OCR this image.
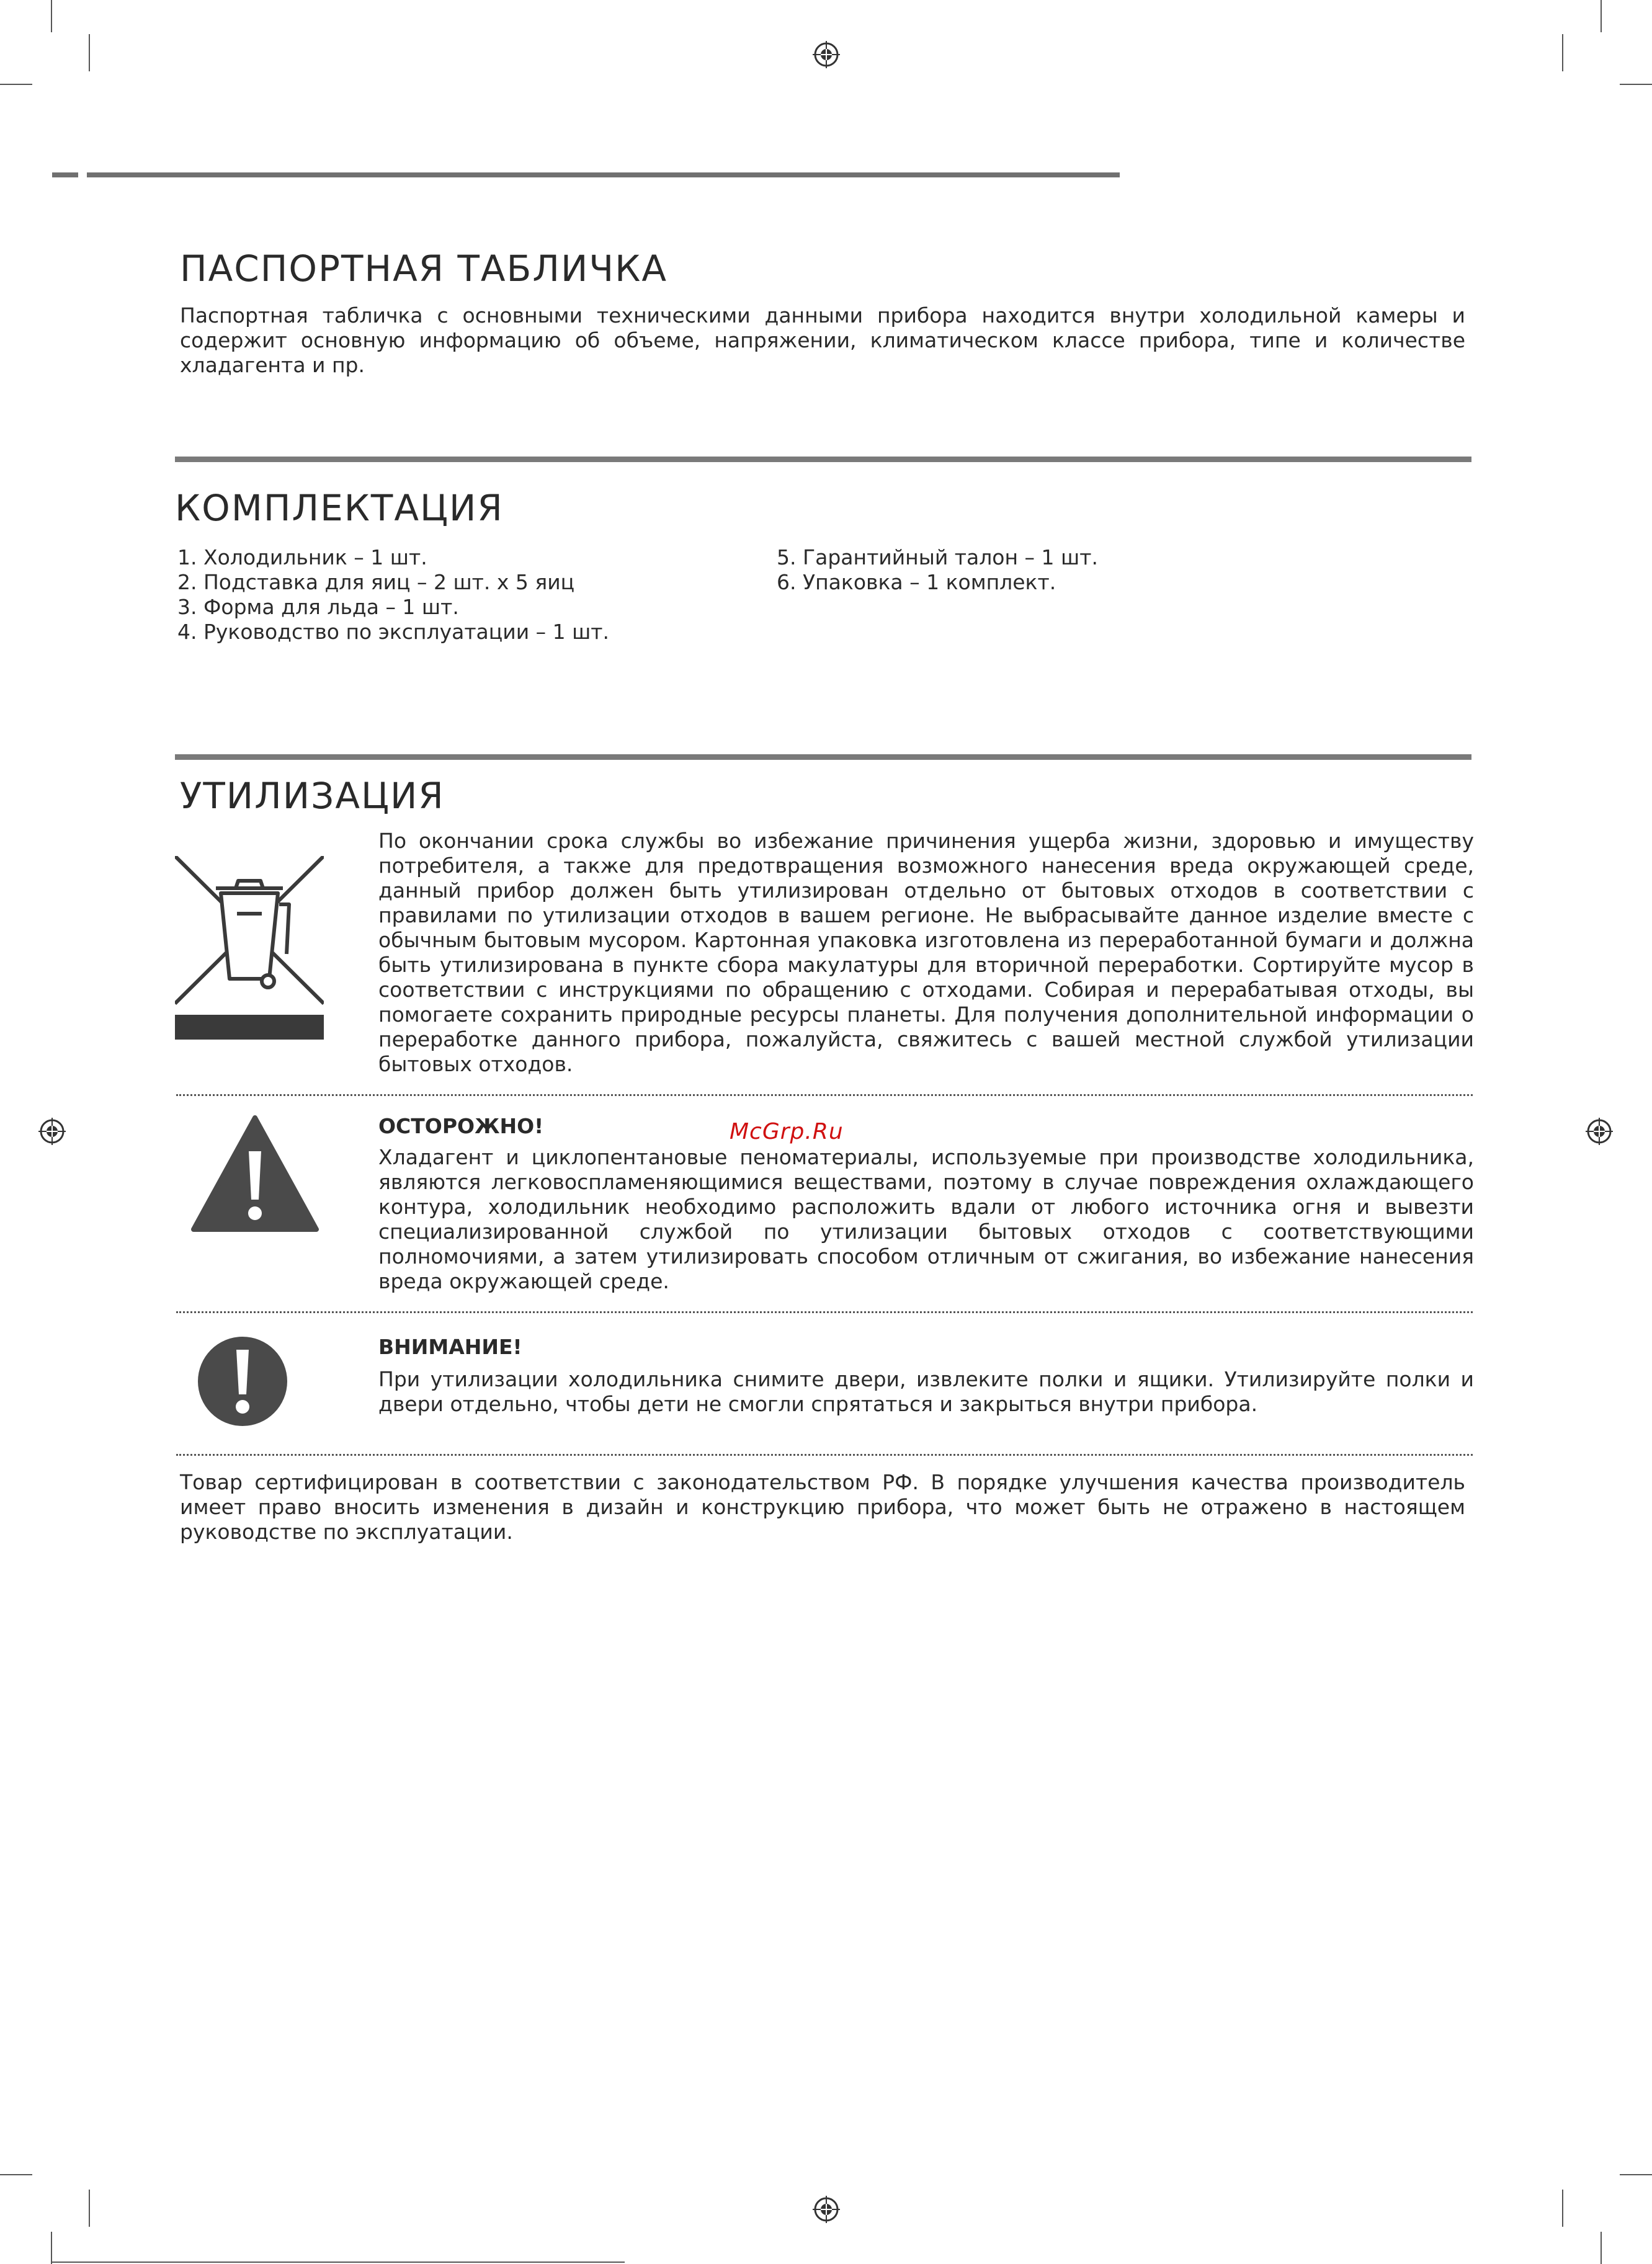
ПАСПОРТНАЯ ТАБЛИЧКА

Паспортная табличка с основными техническими данными прибора находится внутри холодильной камеры и содержит основную информацию об объеме, напряжении, климатическом классе прибора, типе и количестве хладагента и пр.

КОМПЛЕКТАЦИЯ
1. Холодильник – 1 шт.
2. Подставка для яиц – 2 шт. х 5 яиц
3. Форма для льда – 1 шт.
4. Руководство по эксплуатации – 1 шт.
5. Гарантийный талон – 1 шт.
6. Упаковка – 1 комплект.
УТИЛИЗАЦИЯ

По окончании срока службы во избежание причинения ущерба жизни, здоровью и имуществу потребителя, а также для предотвращения возможного нанесения вреда окружающей среде, данный прибор должен быть утилизирован отдельно от бытовых отходов в соответствии с правилами по утилизации отходов в вашем регионе. Не выбрасывайте данное изделие вместе с обычным бытовым мусором. Картонная упаковка изготовлена из переработанной бумаги и должна быть утилизирована в пункте сбора макулатуры для вторичной переработки. Сортируйте мусор в соответствии с инструкциями по обращению с отходами. Собирая и перерабатывая отходы, вы помогаете сохранить природные ресурсы планеты. Для получения дополнительной информации о переработке данного прибора, пожалуйста, свяжитесь с вашей местной службой утилизации бытовых отходов.

ОСТОРОЖНО!	McGrp.Ru

Хладагент и циклопентановые пеноматериалы, используемые при производстве холодильника, являются легковоспламеняющимися веществами, поэтому в случае повреждения охлаждающего контура, холодильник необходимо расположить вдали от любого источника огня и вывезти специализированной службой по утилизации бытовых отходов с соответствующими полномочиями, а затем утилизировать способом отличным от сжигания, во избежание нанесения вреда окружающей среде.

ВНИМАНИЕ!

При утилизации холодильника снимите двери, извлеките полки и ящики. Утилизируйте полки и двери отдельно, чтобы дети не смогли спрятаться и закрыться внутри прибора.

Товар сертифицирован в соответствии с законодательством РФ. В порядке улучшения качества производитель имеет право вносить изменения в дизайн и конструкцию прибора, что может быть не отражено в настоящем руководстве по эксплуатации.
